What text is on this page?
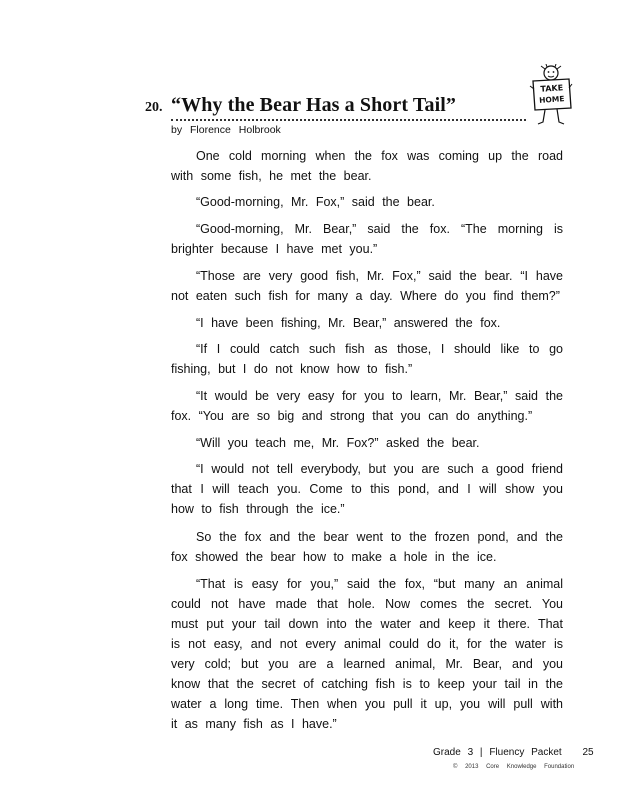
20. “Why the Bear Has a Short Tail”
by Florence Holbrook
TAKE
HOME
One cold morning when the fox was coming up the road with some fish, he met the bear.
“Good-morning, Mr. Fox,” said the bear.
“Good-morning, Mr. Bear,” said the fox. “The morning is brighter because I have met you.”
“Those are very good fish, Mr. Fox,” said the bear. “I have not eaten such fish for many a day. Where do you find them?”
“I have been fishing, Mr. Bear,” answered the fox.
“If I could catch such fish as those, I should like to go fishing, but I do not know how to fish.”
“It would be very easy for you to learn, Mr. Bear,” said the fox. “You are so big and strong that you can do anything.”
“Will you teach me, Mr. Fox?” asked the bear.
“I would not tell everybody, but you are such a good friend that I will teach you. Come to this pond, and I will show you how to fish through the ice.”
So the fox and the bear went to the frozen pond, and the fox showed the bear how to make a hole in the ice.
“That is easy for you,” said the fox, “but many an animal could not have made that hole. Now comes the secret. You must put your tail down into the water and keep it there. That is not easy, and not every animal could do it, for the water is very cold; but you are a learned animal, Mr. Bear, and you know that the secret of catching fish is to keep your tail in the water a long time. Then when you pull it up, you will pull with it as many fish as I have.”
Grade 3 | Fluency Packet 25
© 2013 Core Knowledge Foundation
